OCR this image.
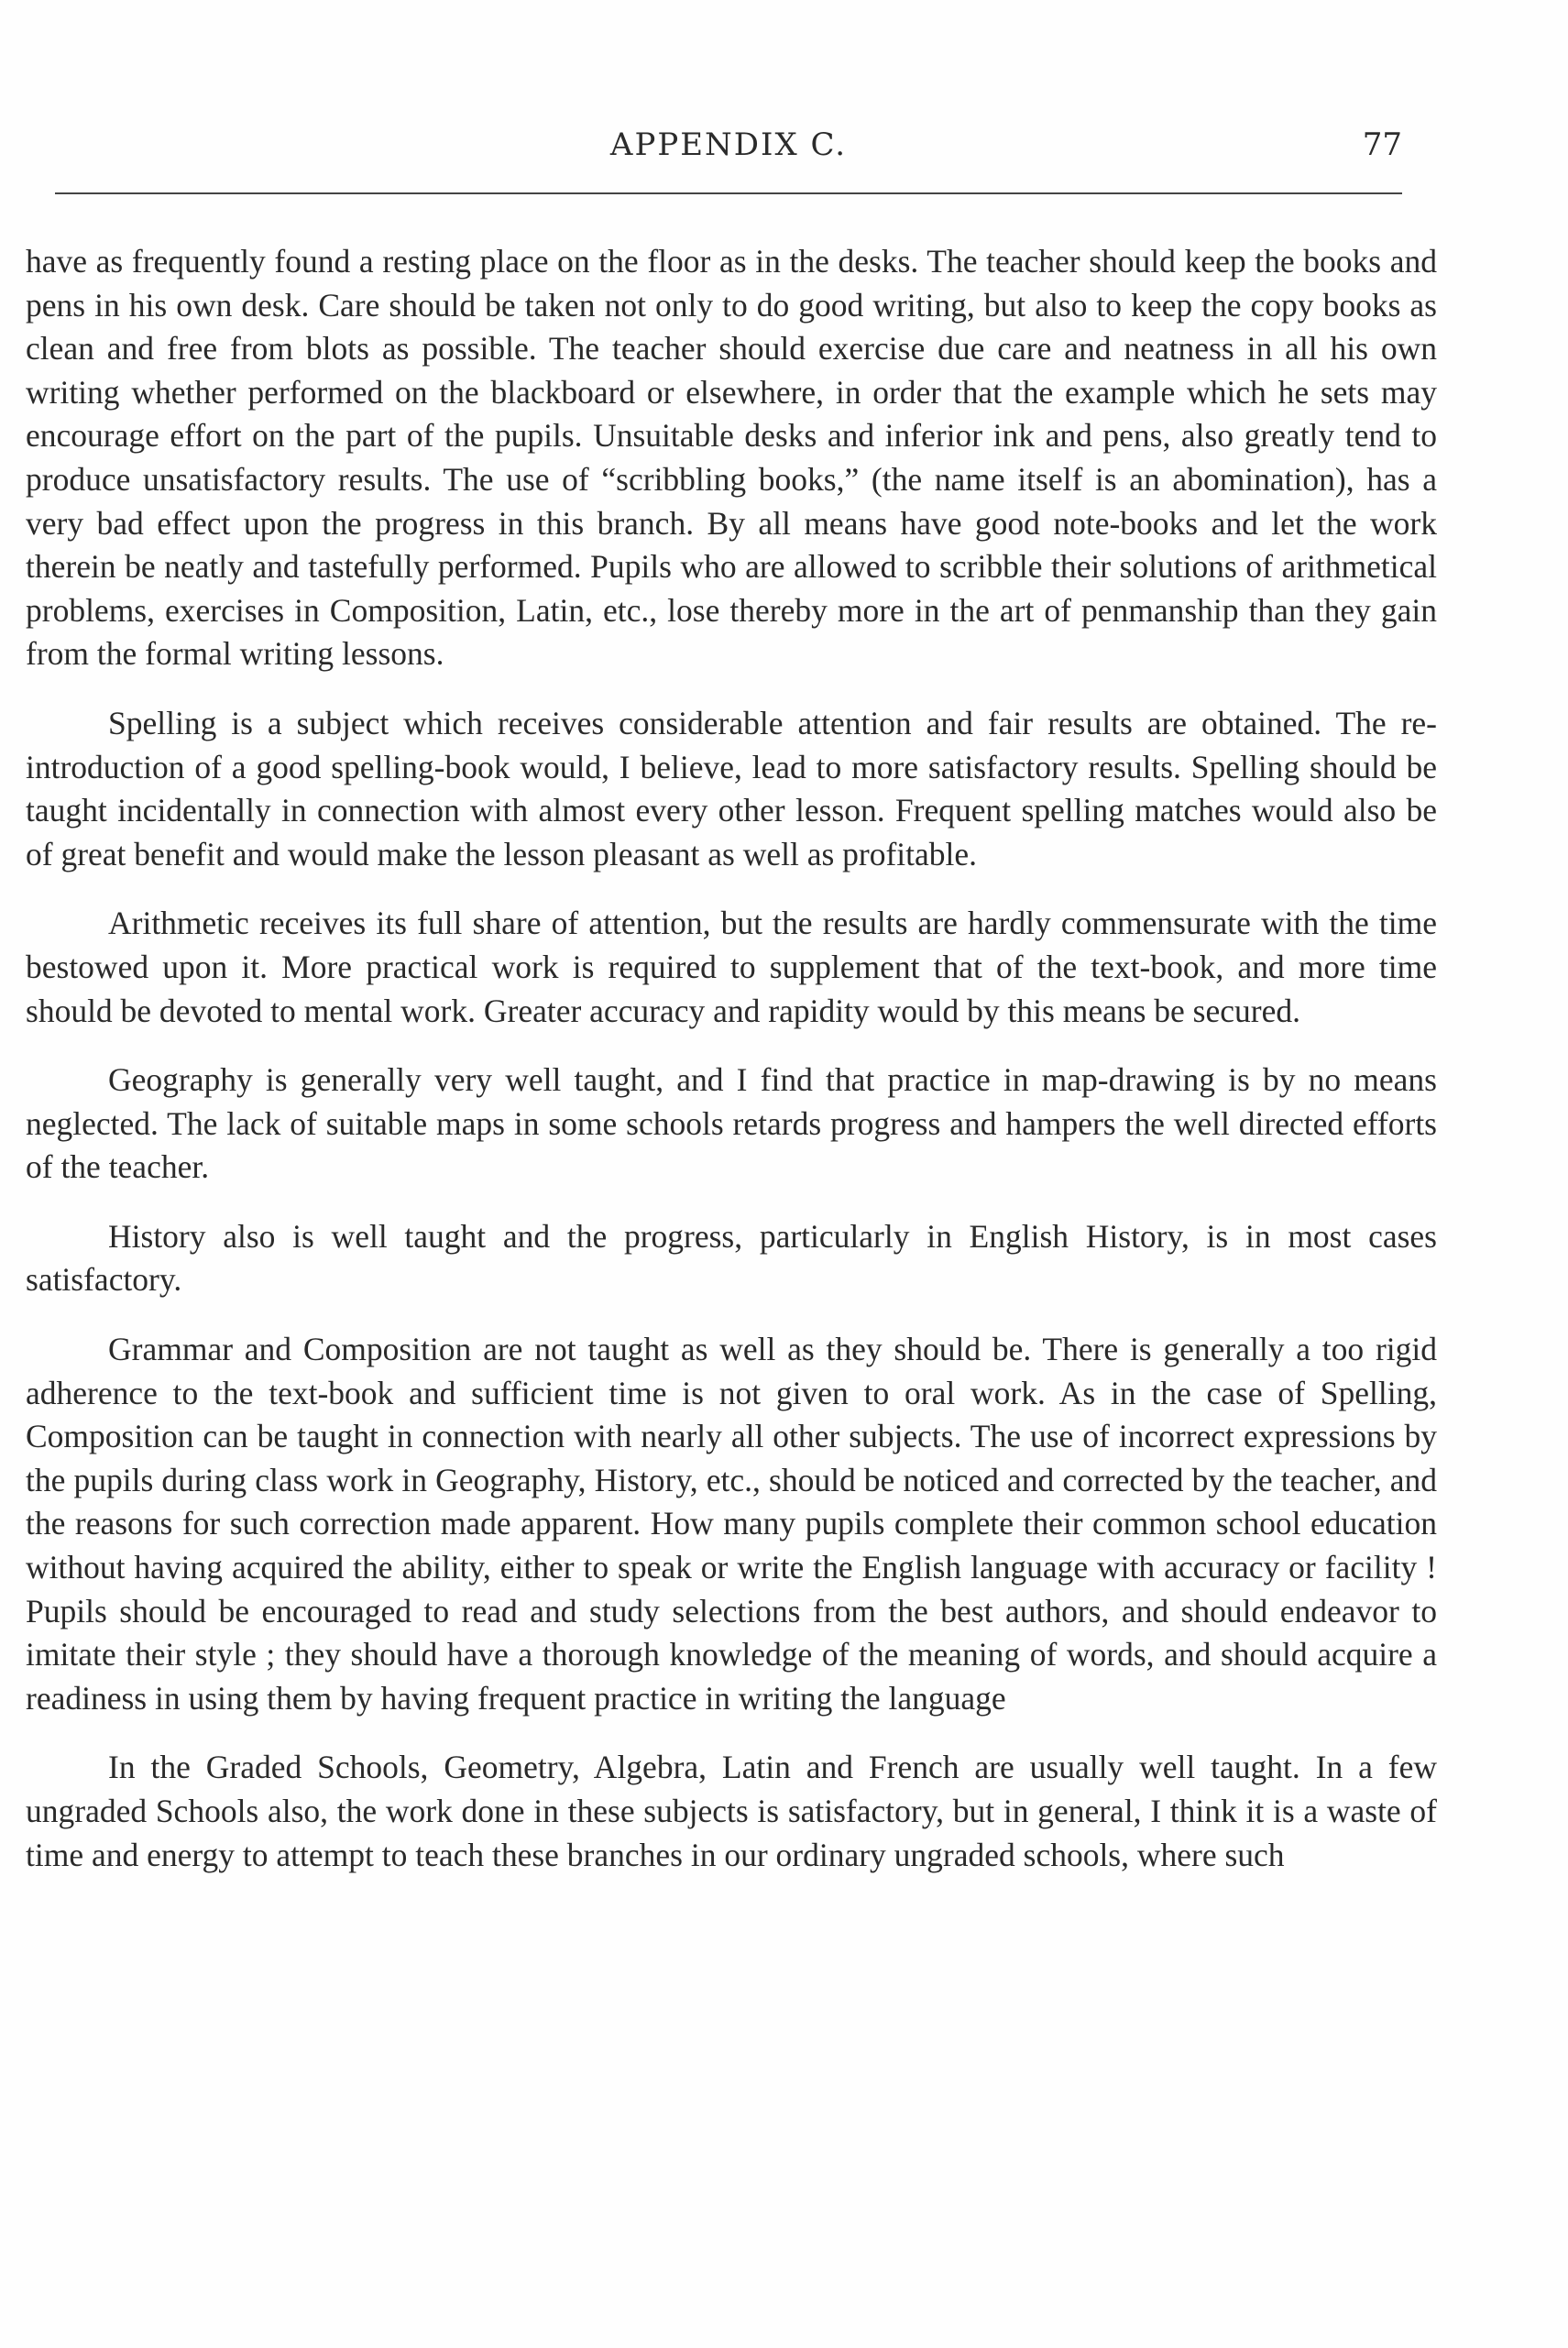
APPENDIX C.	77

have as frequently found a resting place on the floor as in the desks. The teacher should keep the books and pens in his own desk. Care should be taken not only to do good writing, but also to keep the copy books as clean and free from blots as possible. The teacher should exercise due care and neatness in all his own writing whether performed on the blackboard or elsewhere, in order that the example which he sets may encourage effort on the part of the pupils. Unsuitable desks and inferior ink and pens, also greatly tend to produce unsatisfactory results. The use of “scribbling books,” (the name itself is an abomination), has a very bad effect upon the progress in this branch. By all means have good note-books and let the work therein be neatly and tastefully performed. Pupils who are allowed to scribble their solutions of arithmetical problems, exercises in Composition, Latin, etc., lose thereby more in the art of penmanship than they gain from the formal writing lessons.

Spelling is a subject which receives considerable attention and fair results are obtained. The re-introduction of a good spelling-book would, I believe, lead to more satisfactory results. Spelling should be taught incidentally in connection with almost every other lesson. Frequent spelling matches would also be of great benefit and would make the lesson pleasant as well as profitable.

Arithmetic receives its full share of attention, but the results are hardly commensurate with the time bestowed upon it. More practical work is required to supplement that of the text-book, and more time should be devoted to mental work. Greater accuracy and rapidity would by this means be secured.

Geography is generally very well taught, and I find that practice in map-drawing is by no means neglected. The lack of suitable maps in some schools retards progress and hampers the well directed efforts of the teacher.

History also is well taught and the progress, particularly in English History, is in most cases satisfactory.

Grammar and Composition are not taught as well as they should be. There is generally a too rigid adherence to the text-book and sufficient time is not given to oral work. As in the case of Spelling, Composition can be taught in connection with nearly all other subjects. The use of incorrect expressions by the pupils during class work in Geography, History, etc., should be noticed and corrected by the teacher, and the reasons for such correction made apparent. How many pupils complete their common school education without having acquired the ability, either to speak or write the English language with accuracy or facility ! Pupils should be encouraged to read and study selections from the best authors, and should endeavor to imitate their style ; they should have a thorough knowledge of the meaning of words, and should acquire a readiness in using them by having frequent practice in writing the language

In the Graded Schools, Geometry, Algebra, Latin and French are usually well taught. In a few ungraded Schools also, the work done in these subjects is satisfactory, but in general, I think it is a waste of time and energy to attempt to teach these branches in our ordinary ungraded schools, where such
